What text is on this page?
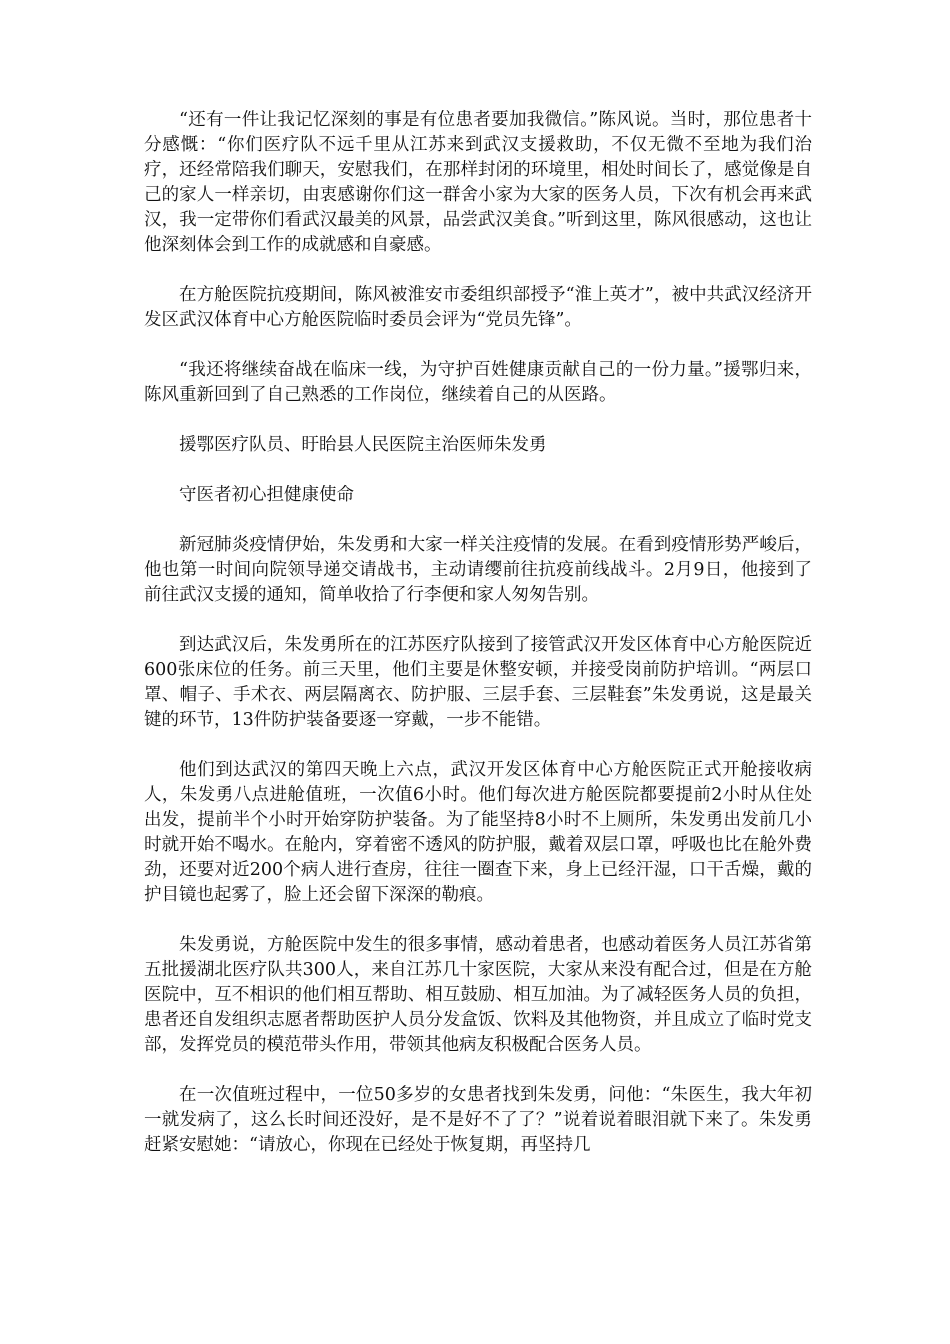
“还有一件让我记忆深刻的事是有位患者要加我微信。”陈风说。当时，那位患者十分感慨：“你们医疗队不远千里从江苏来到武汉支援救助，不仅无微不至地为我们治疗，还经常陪我们聊天，安慰我们，在那样封闭的环境里，相处时间长了，感觉像是自己的家人一样亲切，由衷感谢你们这一群舍小家为大家的医务人员，下次有机会再来武汉，我一定带你们看武汉最美的风景，品尝武汉美食。”听到这里，陈风很感动，这也让他深刻体会到工作的成就感和自豪感。

在方舱医院抗疫期间，陈风被淮安市委组织部授予“淮上英才”，被中共武汉经济开发区武汉体育中心方舱医院临时委员会评为“党员先锋”。

“我还将继续奋战在临床一线，为守护百姓健康贡献自己的一份力量。”援鄂归来，陈风重新回到了自己熟悉的工作岗位，继续着自己的从医路。

援鄂医疗队员、盱眙县人民医院主治医师朱发勇

守医者初心担健康使命

新冠肺炎疫情伊始，朱发勇和大家一样关注疫情的发展。在看到疫情形势严峻后，他也第一时间向院领导递交请战书，主动请缨前往抗疫前线战斗。2月9日，他接到了前往武汉支援的通知，简单收拾了行李便和家人匆匆告别。

到达武汉后，朱发勇所在的江苏医疗队接到了接管武汉开发区体育中心方舱医院近600张床位的任务。前三天里，他们主要是休整安顿，并接受岗前防护培训。“两层口罩、帽子、手术衣、两层隔离衣、防护服、三层手套、三层鞋套”朱发勇说，这是最关键的环节，13件防护装备要逐一穿戴，一步不能错。

他们到达武汉的第四天晚上六点，武汉开发区体育中心方舱医院正式开舱接收病人，朱发勇八点进舱值班，一次值6小时。他们每次进方舱医院都要提前2小时从住处出发，提前半个小时开始穿防护装备。为了能坚持8小时不上厕所，朱发勇出发前几小时就开始不喝水。在舱内，穿着密不透风的防护服，戴着双层口罩，呼吸也比在舱外费劲，还要对近200个病人进行查房，往往一圈查下来，身上已经汗湿，口干舌燥，戴的护目镜也起雾了，脸上还会留下深深的勒痕。

朱发勇说，方舱医院中发生的很多事情，感动着患者，也感动着医务人员江苏省第五批援湖北医疗队共300人，来自江苏几十家医院，大家从来没有配合过，但是在方舱医院中，互不相识的他们相互帮助、相互鼓励、相互加油。为了减轻医务人员的负担，患者还自发组织志愿者帮助医护人员分发盒饭、饮料及其他物资，并且成立了临时党支部，发挥党员的模范带头作用，带领其他病友积极配合医务人员。

在一次值班过程中，一位50多岁的女患者找到朱发勇，问他：“朱医生，我大年初一就发病了，这么长时间还没好，是不是好不了了？”说着说着眼泪就下来了。朱发勇赶紧安慰她：“请放心，你现在已经处于恢复期，再坚持几
